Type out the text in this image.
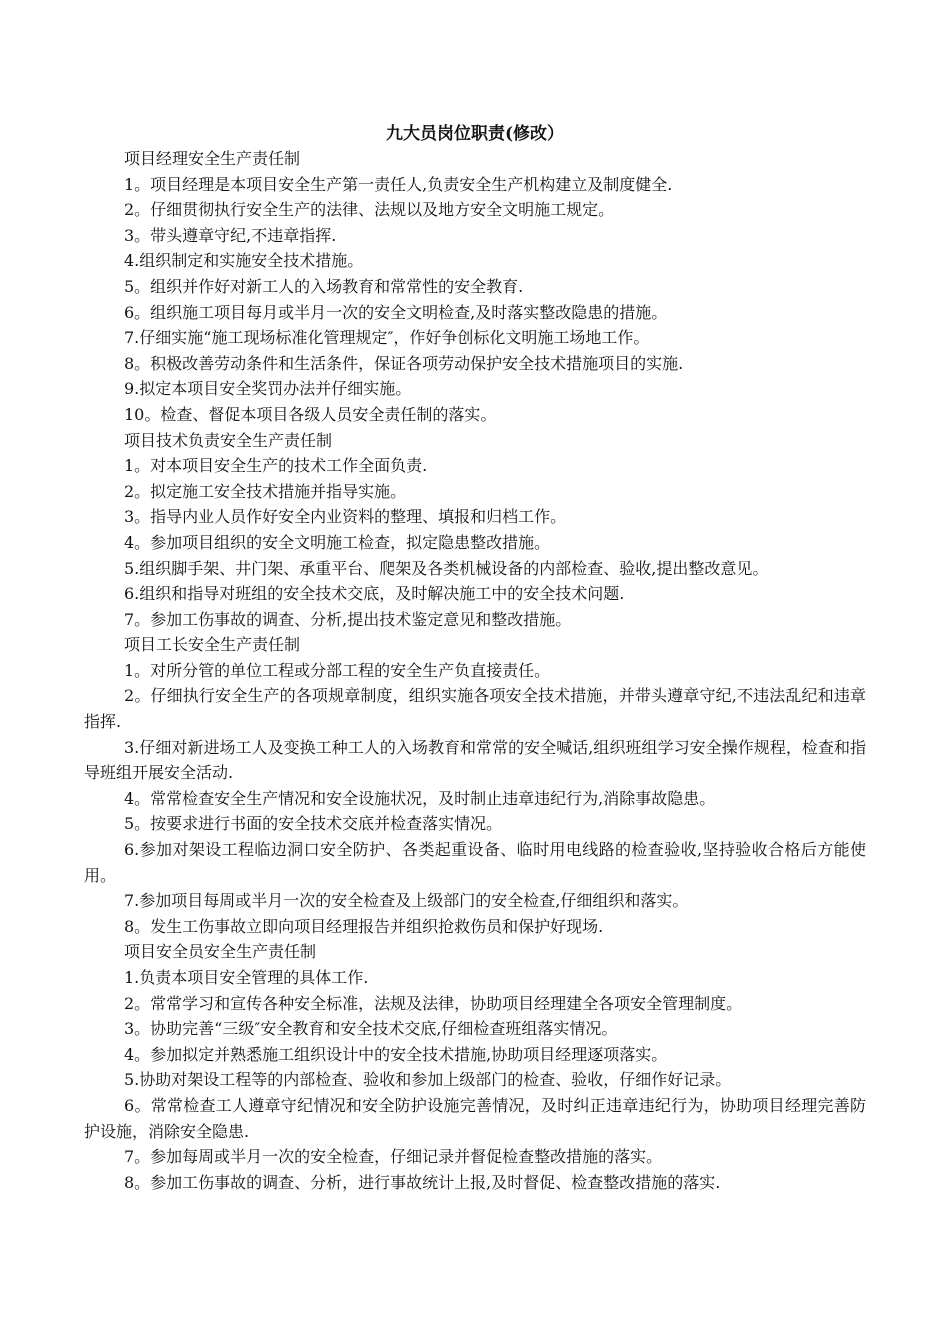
九大员岗位职责(修改）

项目经理安全生产责任制

1。项目经理是本项目安全生产第一责任人,负责安全生产机构建立及制度健全.

2。仔细贯彻执行安全生产的法律、法规以及地方安全文明施工规定。

3。带头遵章守纪,不违章指挥.

4.组织制定和实施安全技术措施。

5。组织并作好对新工人的入场教育和常常性的安全教育.

6。组织施工项目每月或半月一次的安全文明检查,及时落实整改隐患的措施。

7.仔细实施“施工现场标准化管理规定″，作好争创标化文明施工场地工作。

8。积极改善劳动条件和生活条件，保证各项劳动保护安全技术措施项目的实施.

9.拟定本项目安全奖罚办法并仔细实施。

10。检查、督促本项目各级人员安全责任制的落实。

项目技术负责安全生产责任制

1。对本项目安全生产的技术工作全面负责.

2。拟定施工安全技术措施并指导实施。

3。指导内业人员作好安全内业资料的整理、填报和归档工作。

4。参加项目组织的安全文明施工检查，拟定隐患整改措施。

5.组织脚手架、井门架、承重平台、爬架及各类机械设备的内部检查、验收,提出整改意见。

6.组织和指导对班组的安全技术交底，及时解决施工中的安全技术问题.

7。参加工伤事故的调查、分析,提出技术鉴定意见和整改措施。

项目工长安全生产责任制

1。对所分管的单位工程或分部工程的安全生产负直接责任。

2。仔细执行安全生产的各项规章制度，组织实施各项安全技术措施，并带头遵章守纪,不违法乱纪和违章指挥.

3.仔细对新进场工人及变换工种工人的入场教育和常常的安全喊话,组织班组学习安全操作规程，检查和指导班组开展安全活动.

4。常常检查安全生产情况和安全设施状况，及时制止违章违纪行为,消除事故隐患。

5。按要求进行书面的安全技术交底并检查落实情况。

6.参加对架设工程临边洞口安全防护、各类起重设备、临时用电线路的检查验收,坚持验收合格后方能使用。

7.参加项目每周或半月一次的安全检查及上级部门的安全检查,仔细组织和落实。

8。发生工伤事故立即向项目经理报告并组织抢救伤员和保护好现场.

项目安全员安全生产责任制

1.负责本项目安全管理的具体工作.

2。常常学习和宣传各种安全标准，法规及法律，协助项目经理建全各项安全管理制度。

3。协助完善“三级″安全教育和安全技术交底,仔细检查班组落实情况。

4。参加拟定并熟悉施工组织设计中的安全技术措施,协助项目经理逐项落实。

5.协助对架设工程等的内部检查、验收和参加上级部门的检查、验收，仔细作好记录。

6。常常检查工人遵章守纪情况和安全防护设施完善情况，及时纠正违章违纪行为，协助项目经理完善防护设施，消除安全隐患.

7。参加每周或半月一次的安全检查，仔细记录并督促检查整改措施的落实。

8。参加工伤事故的调查、分析，进行事故统计上报,及时督促、检查整改措施的落实.
